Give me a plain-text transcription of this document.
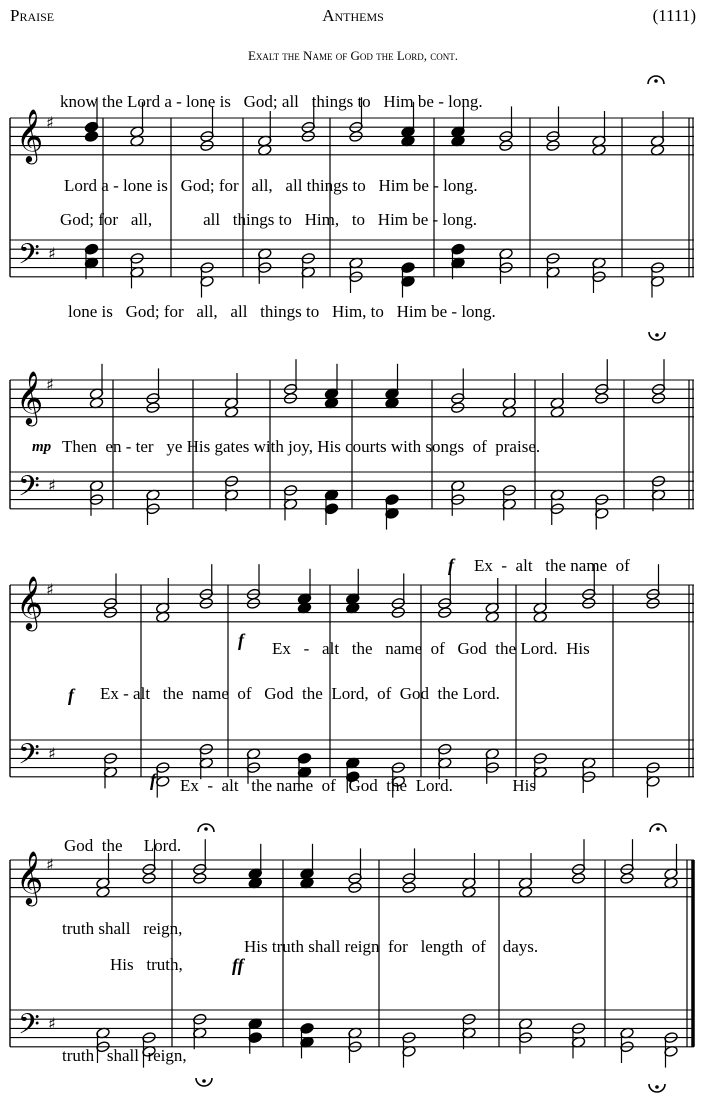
𝄞 ♯
𝄢 ♯
𝄞 ♯
𝄢 ♯
𝄞 ♯
𝄢 ♯
𝄞 ♯
𝄢 ♯
Praise	Anthems	(1111)
Exalt the Name of God the Lord, cont.
know the Lord a - lone is   God; all   things to   Him be - long.
Lord a - lone is   God; for   all,   all things to   Him be - long.
God; for   all,            all   things to   Him,   to   Him be - long.
lone is   God; for   all,   all   things to   Him, to   Him be - long.
mp Then  en - ter   ye His gates with joy, His courts with songs  of  praise.
f Ex  -  alt   the name  of
f Ex   -   alt   the   name  of   God  the Lord.  His
f Ex - alt   the  name  of   God  the  Lord,  of  God  the Lord.
f Ex  -  alt   the name  of   God  the  Lord.              His
God  the     Lord.
truth shall   reign,
His truth shall reign  for   length  of    days.
His   truth,	ff
truth   shall  reign,
